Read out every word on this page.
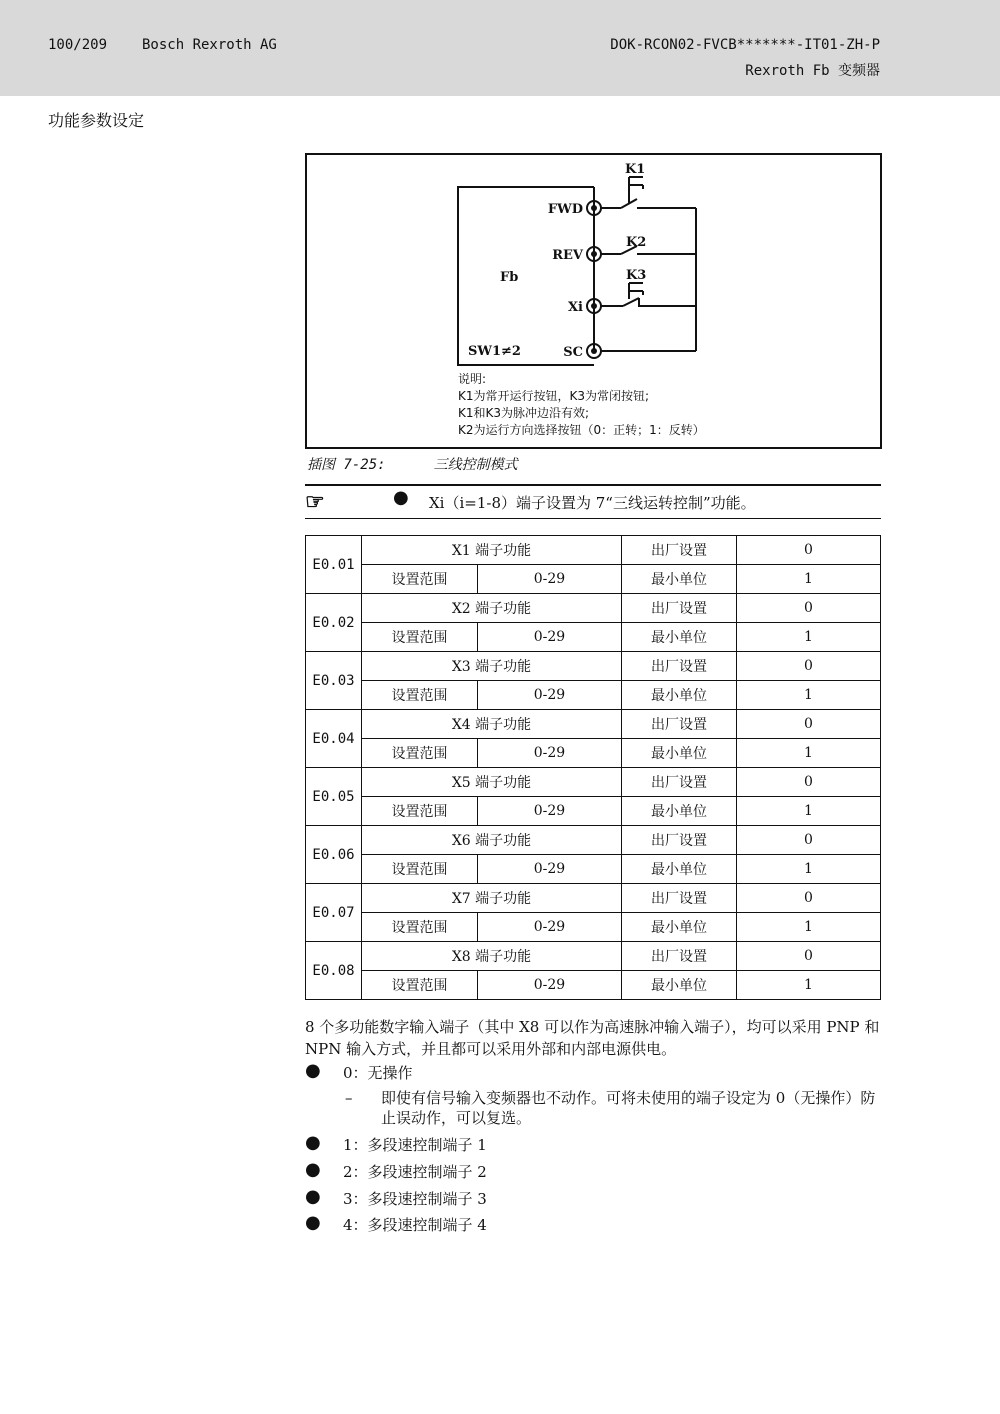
100/209 Bosch Rexroth AG	DOK-RCON02-FVCB*******-IT01-ZH-P
Rexroth Fb 变频器
功能参数设定
K1
K2
K3
FWD
REV
Xi
SC
Fb
SW1≠2
说明:
K1为常开运行按钮，K3为常闭按钮;
K1和K3为脉冲边沿有效;
K2为运行方向选择按钮（0：正转；1：反转）
插图 7-25:	三线控制模式
☞	● Xi（i=1-8）端子设置为 7“三线运转控制”功能。
E0.01	X1 端子功能		出厂设置	0
	设置范围	0-29	最小单位	1
E0.02	X2 端子功能		出厂设置	0
	设置范围	0-29	最小单位	1
E0.03	X3 端子功能		出厂设置	0
	设置范围	0-29	最小单位	1
E0.04	X4 端子功能		出厂设置	0
	设置范围	0-29	最小单位	1
E0.05	X5 端子功能		出厂设置	0
	设置范围	0-29	最小单位	1
E0.06	X6 端子功能		出厂设置	0
	设置范围	0-29	最小单位	1
E0.07	X7 端子功能		出厂设置	0
	设置范围	0-29	最小单位	1
E0.08	X8 端子功能		出厂设置	0
	设置范围	0-29	最小单位	1
8 个多功能数字输入端子（其中 X8 可以作为高速脉冲输入端子），均可以采用 PNP 和 NPN 输入方式，并且都可以采用外部和内部电源供电。
● 0：无操作
– 即使有信号输入变频器也不动作。可将未使用的端子设定为 0（无操作）防止误动作，可以复选。
● 1：多段速控制端子 1
● 2：多段速控制端子 2
● 3：多段速控制端子 3
● 4：多段速控制端子 4
